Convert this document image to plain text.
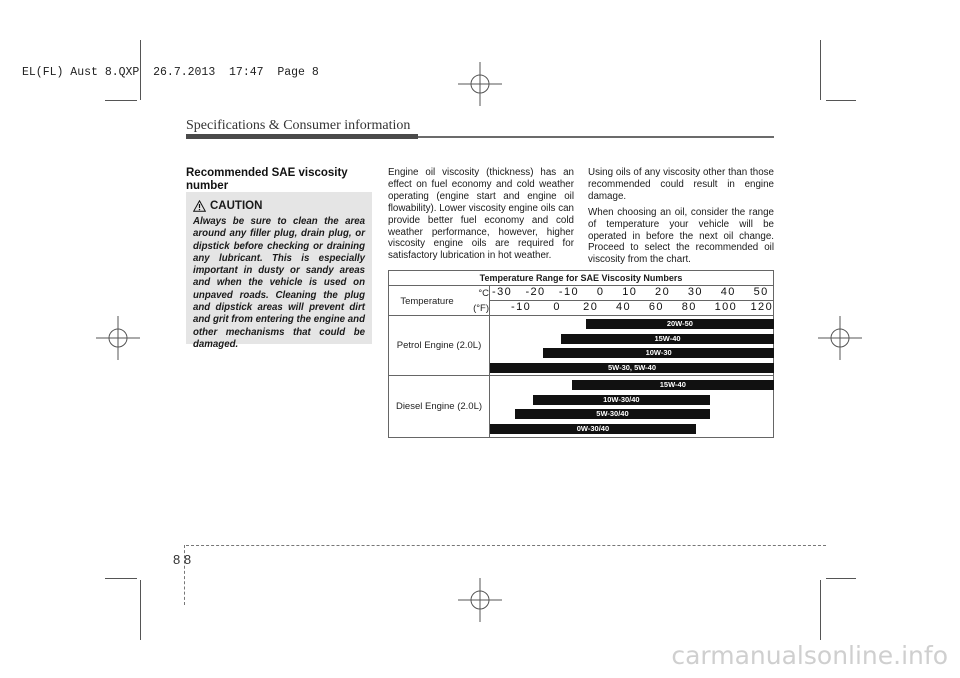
EL(FL) Aust 8.QXP  26.7.2013  17:47  Page 8
Specifications & Consumer information
Recommended SAE viscosity number
CAUTION
Always be sure to clean the area around any filler plug, drain plug, or dipstick before checking or draining any lubricant. This is especially important in dusty or sandy areas and when the vehicle is used on unpaved roads. Cleaning the plug and dipstick areas will prevent dirt and grit from entering the engine and other mechanisms that could be damaged.

Engine oil viscosity (thickness) has an effect on fuel economy and cold weather operating (engine start and engine oil flowability). Lower viscosity engine oils can provide better fuel economy and cold weather performance, however, higher viscosity engine oils are required for satisfactory lubrication in hot weather.

Using oils of any viscosity other than those recommended could result in engine damage.

When choosing an oil, consider the range of temperature your vehicle will be operated in before the next oil change. Proceed to select the recommended oil viscosity from the chart.

Temperature Range for SAE Viscosity Numbers
Temperature
°C
(°F)
-30   -20   -10    0    10    20    30    40    50
-10     0     20    40    60    80    100   120
Petrol Engine (2.0L)
Diesel Engine (2.0L)
20W-50
15W-40
10W-30
5W-30, 5W-40
15W-40
10W-30/40
5W-30/40
0W-30/40
8 8
carmanualsonline.info
